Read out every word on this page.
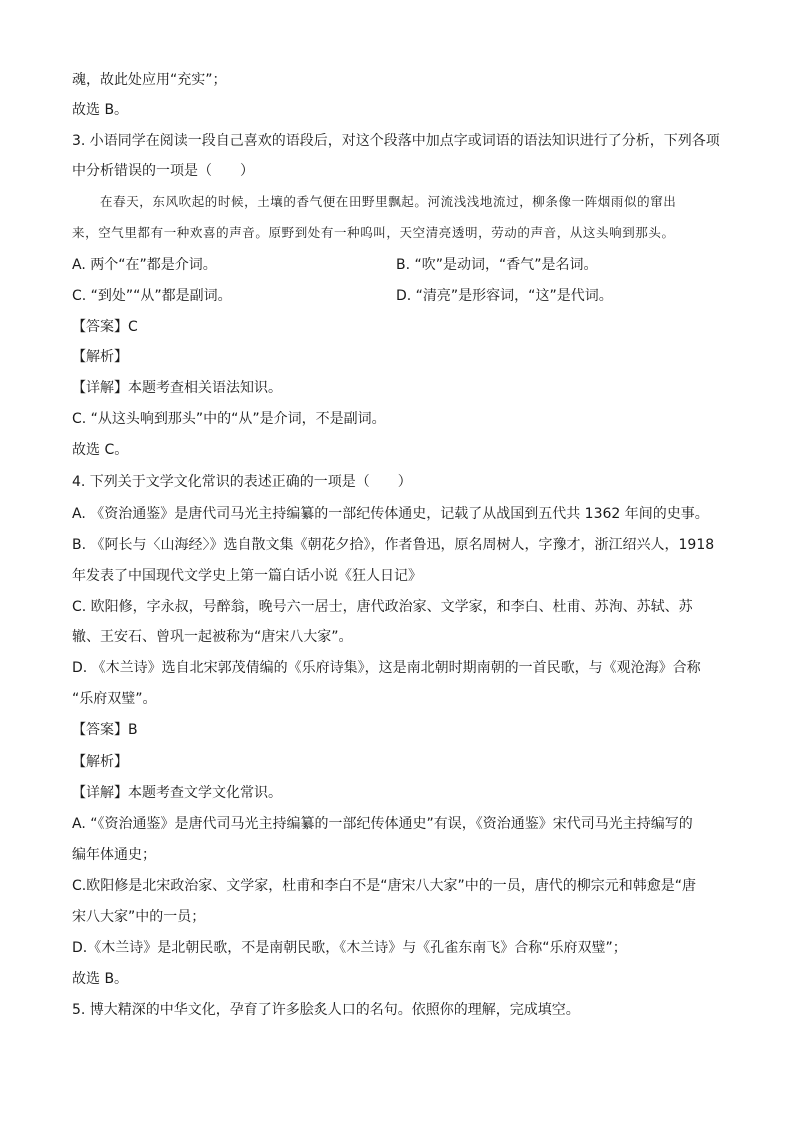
魂，故此处应用“充实”；
故选 B。
3. 小语同学在阅读一段自己喜欢的语段后，对这个段落中加点字或词语的语法知识进行了分析，下列各项
中分析错误的一项是（　　）
在春天，东风吹起的时候，土壤的香气便在田野里飘起。河流浅浅地流过，柳条像一阵烟雨似的窜出
来，空气里都有一种欢喜的声音。原野到处有一种呜叫，天空清亮透明，劳动的声音，从这头响到那头。
A. 两个“在”都是介词。	B. “吹”是动词，“香气”是名词。
C. “到处”“从”都是副词。	D. “清亮”是形容词，“这”是代词。
【答案】C
【解析】
【详解】本题考查相关语法知识。
C. “从这头响到那头”中的“从”是介词，不是副词。
故选 C。
4. 下列关于文学文化常识的表述正确的一项是（　　）
A. 《资治通鉴》是唐代司马光主持编纂的一部纪传体通史，记载了从战国到五代共 1362 年间的史事。
B. 《阿长与〈山海经〉》选自散文集《朝花夕拾》，作者鲁迅，原名周树人，字豫才，浙江绍兴人，1918
年发表了中国现代文学史上第一篇白话小说《狂人日记》
C. 欧阳修，字永叔，号醉翁，晚号六一居士，唐代政治家、文学家，和李白、杜甫、苏洵、苏轼、苏
辙、王安石、曾巩一起被称为“唐宋八大家”。
D. 《木兰诗》选自北宋郭茂倩编的《乐府诗集》，这是南北朝时期南朝的一首民歌，与《观沧海》合称
“乐府双璧”。
【答案】B
【解析】
【详解】本题考查文学文化常识。
A. “《资治通鉴》是唐代司马光主持编纂的一部纪传体通史”有误，《资治通鉴》宋代司马光主持编写的
编年体通史；
C.欧阳修是北宋政治家、文学家，杜甫和李白不是“唐宋八大家”中的一员，唐代的柳宗元和韩愈是“唐
宋八大家”中的一员；
D.《木兰诗》是北朝民歌，不是南朝民歌，《木兰诗》与《孔雀东南飞》合称“乐府双璧”；
故选 B。
5. 博大精深的中华文化，孕育了许多脍炙人口的名句。依照你的理解，完成填空。
